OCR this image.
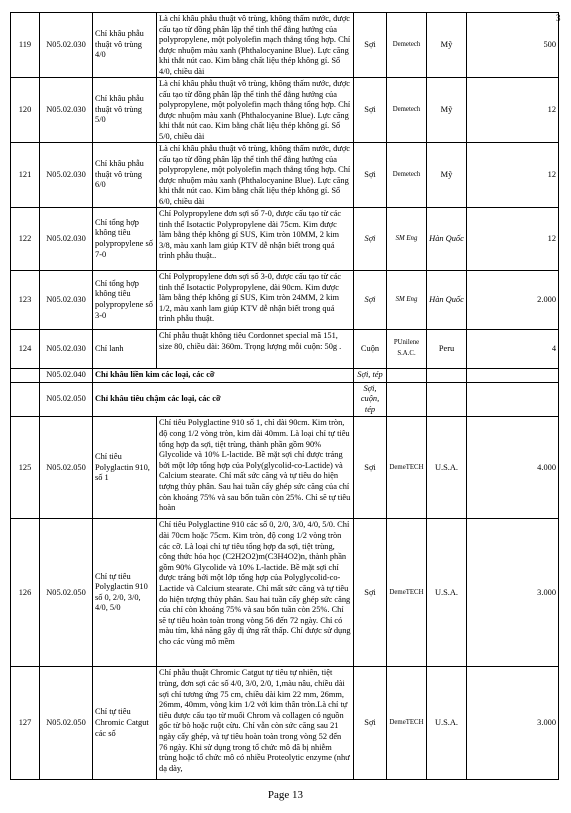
3
119	N05.02.030	Chỉ khâu phẫu thuật vô trùng 4/0	Là chỉ khâu phẫu thuật vô trùng, không thấm nước, được cấu tạo từ đồng phân lập thể tinh thể đẳng hướng của polypropylene, một polyolefin mạch thẳng tổng hợp. Chỉ được nhuộm màu xanh (Phthalocyanine Blue). Lực căng khi thắt nút cao. Kim bằng chất liệu thép không gỉ. Số 4/0, chiều dài	Sợi	Demetech	Mỹ	500
120	N05.02.030	Chỉ khâu phẫu thuật vô trùng 5/0	Là chỉ khâu phẫu thuật vô trùng, không thấm nước, được cấu tạo từ đồng phân lập thể tinh thể đẳng hướng của polypropylene, một polyolefin mạch thẳng tổng hợp. Chỉ được nhuộm màu xanh (Phthalocyanine Blue). Lực căng khi thắt nút cao. Kim bằng chất liệu thép không gỉ. Số 5/0, chiều dài	Sợi	Demetech	Mỹ	12
121	N05.02.030	Chỉ khâu phẫu thuật vô trùng 6/0	Là chỉ khâu phẫu thuật vô trùng, không thấm nước, được cấu tạo từ đồng phân lập thể tinh thể đẳng hướng của polypropylene, một polyolefin mạch thẳng tổng hợp. Chỉ được nhuộm màu xanh (Phthalocyanine Blue). Lực căng khi thắt nút cao. Kim bằng chất liệu thép không gỉ. Số 6/0, chiều dài	Sợi	Demetech	Mỹ	12
122	N05.02.030	Chỉ tổng hợp không tiêu polypropylene số 7-0	Chỉ Polypropylene đơn sợi số 7-0, được cấu tạo từ các tinh thể Isotactic Polypropylene dài 75cm. Kim được làm bằng thép không gỉ SUS, Kim tròn 10MM, 2 kim 3/8, màu xanh lam giúp KTV dễ nhận biết trong quá trình phẫu thuật..	Sợi	SM Eng	Hàn Quốc	12
123	N05.02.030	Chỉ tổng hợp không tiêu polypropylene số 3-0	Chỉ Polypropylene đơn sợi số 3-0, được cấu tạo từ các tinh thể Isotactic Polypropylene, dài 90cm. Kim được làm bằng thép không gỉ SUS, Kim tròn 24MM, 2 kim 1/2, màu xanh lam giúp KTV dễ nhận biết trong quá trình phẫu thuật.	Sợi	SM Eng	Hàn Quốc	2.000
124	N05.02.030	Chỉ lanh	Chỉ phẫu thuật không tiêu Cordonnet special mã 151, size 80, chiều dài: 360m. Trọng lượng mỗi cuộn: 50g .	Cuộn	PUnilene S.A.C.	Peru	4
	N05.02.040	Chỉ khâu liền kim các loại, các cỡ		Sợi, tép			
	N05.02.050	Chỉ khâu tiêu chậm các loại, các cỡ		Sợi, cuộn, tép			
125	N05.02.050	Chỉ tiêu Polyglactin 910, số 1	Chỉ tiêu Polyglactine 910 số 1, chỉ dài 90cm. Kim tròn, độ cong 1/2 vòng tròn, kim dài 40mm. Là loại chỉ tự tiêu tổng hợp đa sợi, tiệt trùng, thành phần gồm 90% Glycolide và 10% L-lactide. Bề mặt sợi chỉ được tráng bởi một lớp tổng hợp của Poly(glycolid-co-Lactide) và Calcium stearate. Chỉ mất sức căng và tự tiêu do hiện tượng thủy phân. Sau hai tuần cấy ghép sức căng của chỉ còn khoảng 75% và sau bốn tuần còn 25%. Chỉ sẽ tự tiêu hoàn	Sợi	DemeTECH	U.S.A.	4.000
126	N05.02.050	Chỉ tự tiêu Polyglactin 910 số 0, 2/0, 3/0, 4/0, 5/0	Chỉ tiêu Polyglactine 910 các số 0, 2/0, 3/0, 4/0, 5/0. Chỉ dài 70cm hoặc 75cm. Kim tròn, độ cong 1/2 vòng tròn các cỡ. Là loại chỉ tự tiêu tổng hợp đa sợi, tiệt trùng, công thức hóa học (C2H2O2)m(C3H4O2)n, thành phần gồm 90% Glycolide và 10% L-lactide. Bề mặt sợi chỉ được tráng bởi một lớp tổng hợp của Polyglycolid-co-Lactide và Calcium stearate. Chỉ mất sức căng và tự tiêu do hiện tượng thủy phân. Sau hai tuần cấy ghép sức căng của chỉ còn khoảng 75% và sau bốn tuần còn 25%. Chỉ sẽ tự tiêu hoàn toàn trong vòng 56 đến 72 ngày. Chỉ có màu tím, khả năng gây dị ứng rất thấp. Chỉ được sử dụng cho các vùng mô mềm	Sợi	DemeTECH	U.S.A.	3.000
127	N05.02.050	Chỉ tự tiêu Chromic Catgut các số	Chỉ phẫu thuật Chromic Catgut tự tiêu tự nhiên, tiệt trùng, đơn sợi các số 4/0, 3/0, 2/0, 1,màu nâu, chiều dài sợi chỉ tương ứng 75 cm, chiều dài kim 22 mm, 26mm, 26mm, 40mm, vòng kim 1/2 với kim thân tròn.Là chỉ tự tiêu được cấu tạo từ muối Chrom và collagen có nguồn gốc từ bò hoặc ruột cừu. Chỉ vẫn còn sức căng sau 21 ngày cấy ghép, và tự tiêu hoàn toàn trong vòng 52 đến 76 ngày. Khi sử dụng trong tổ chức mô đã bị nhiễm trùng hoặc tổ chức mô có nhiều Proteolytic enzyme (như dạ dày,	Sợi	DemeTECH	U.S.A.	3.000
Page 13
